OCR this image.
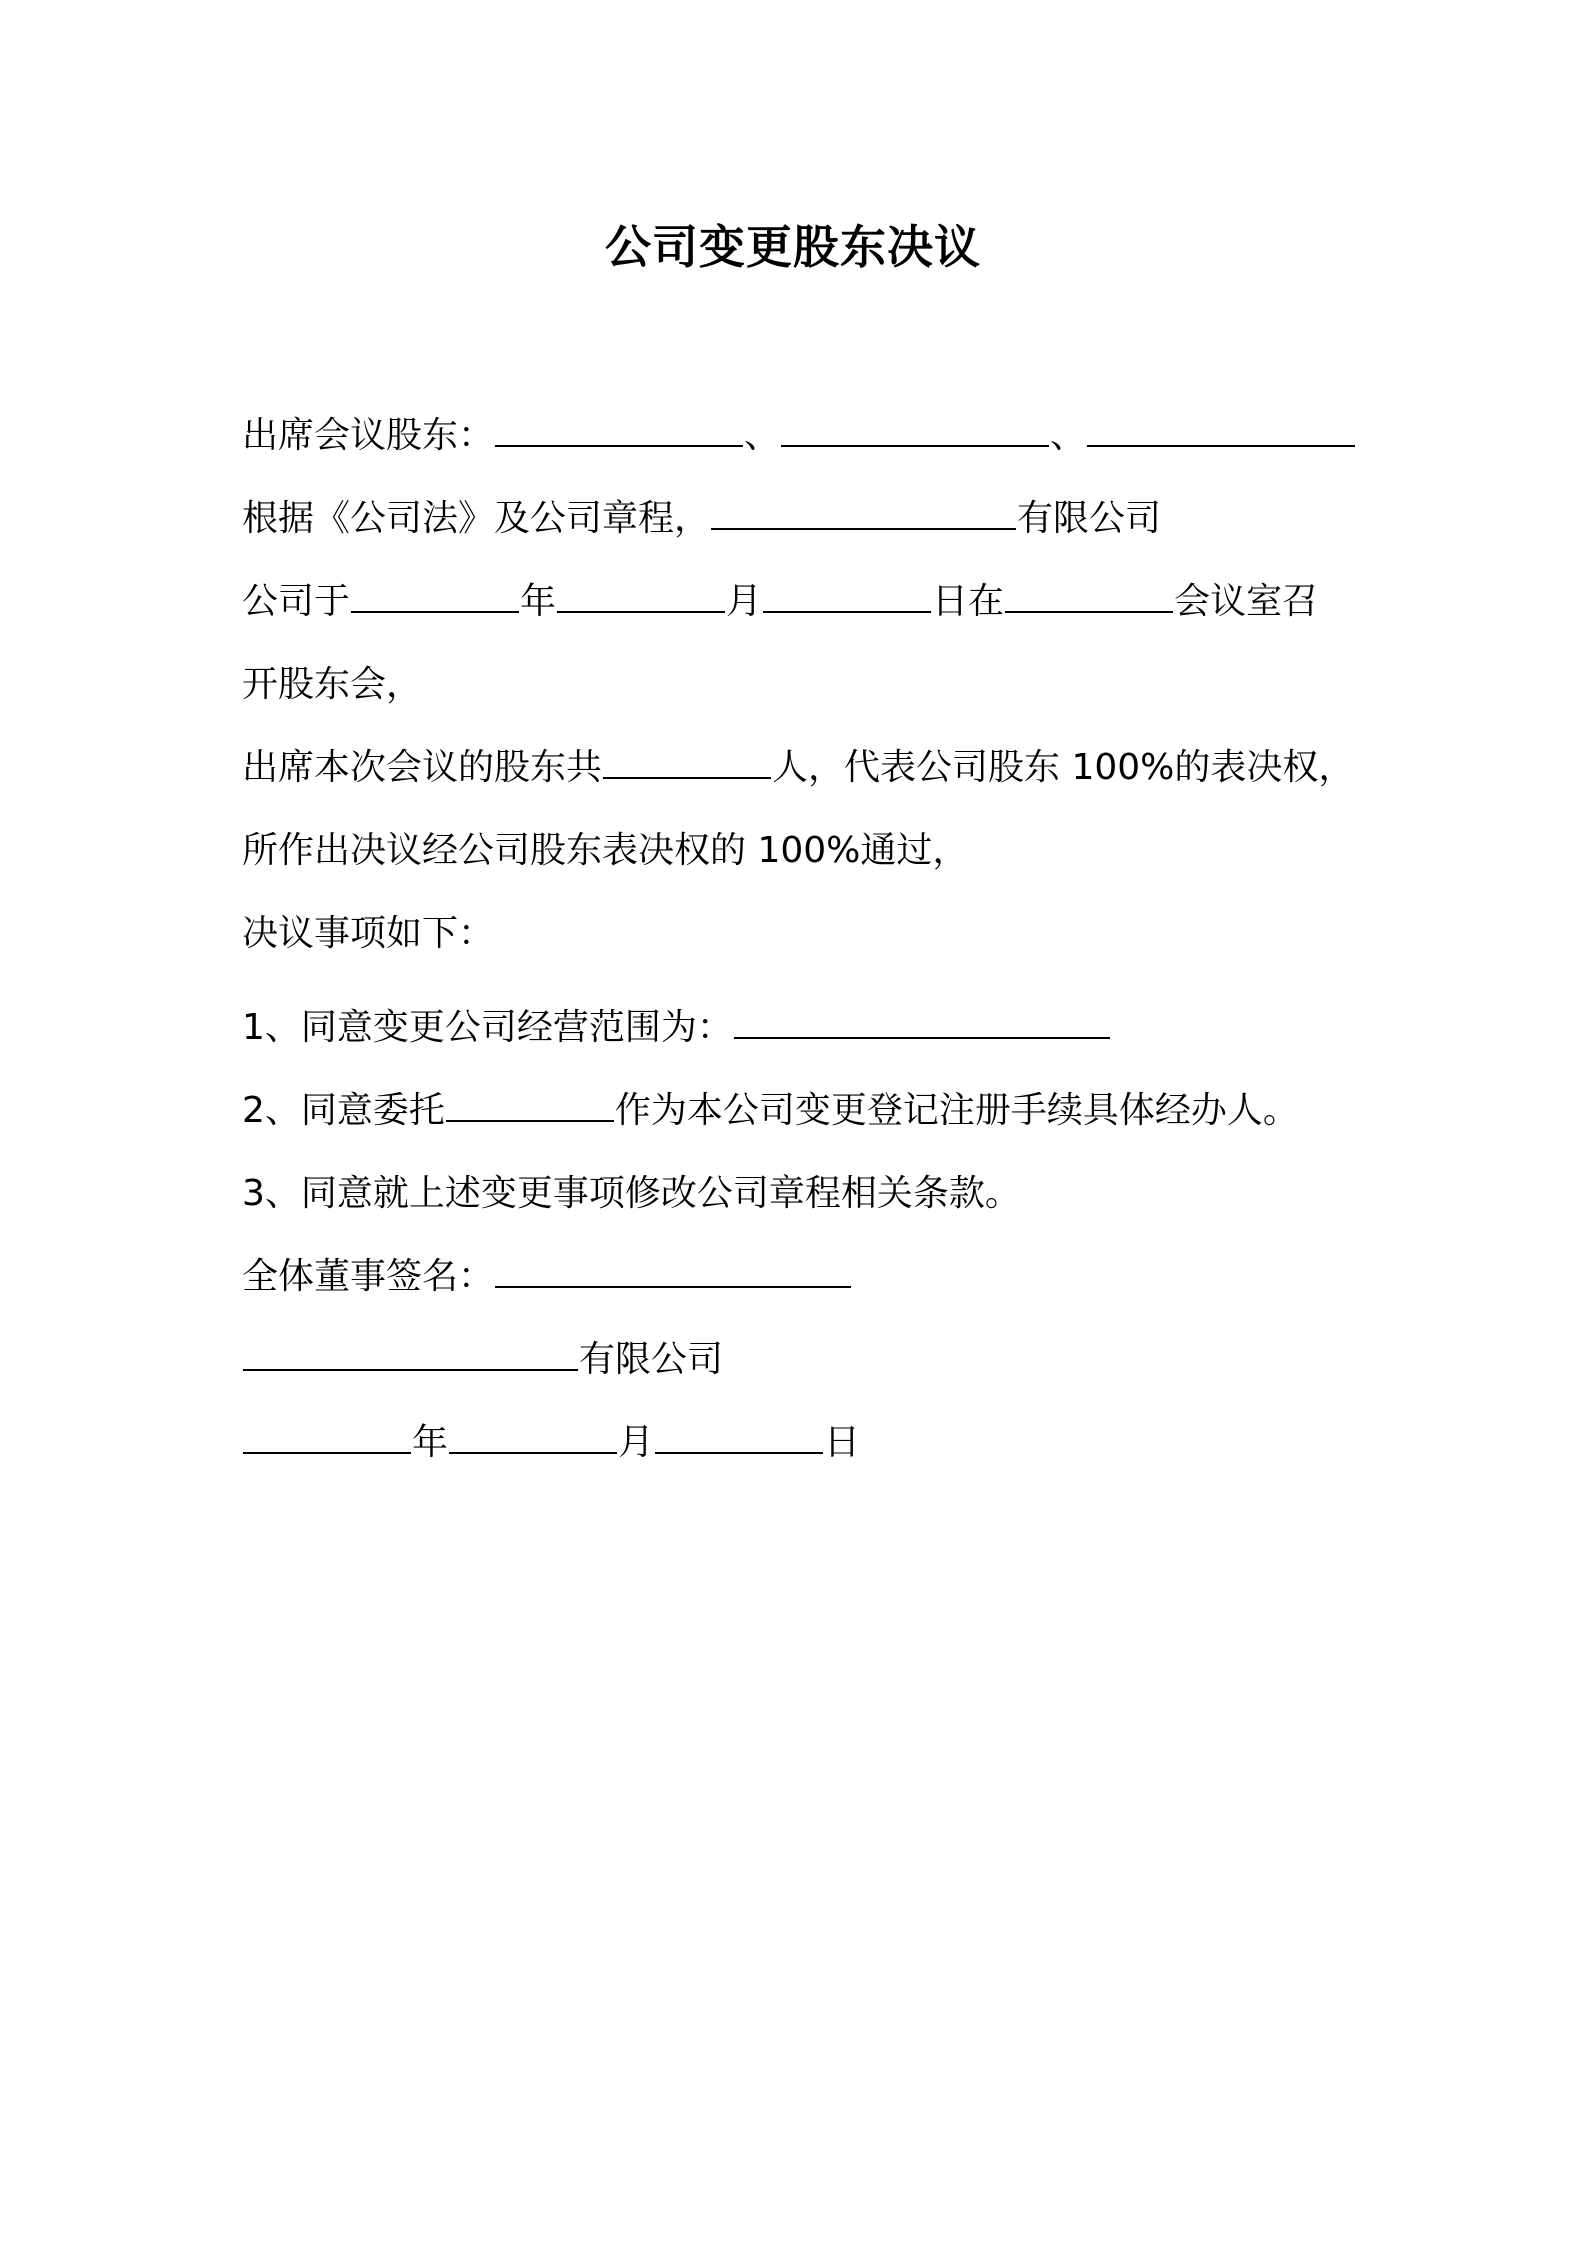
公司变更股东决议
出席会议股东：	、	、
根据《公司法》及公司章程，	有限公司
公司于	年	月	日在	会议室召
开股东会，
出席本次会议的股东共	人，代表公司股东 100%的表决权，
所作出决议经公司股东表决权的 100%通过，
决议事项如下：
1、同意变更公司经营范围为：
2、同意委托	作为本公司变更登记注册手续具体经办人。
3、同意就上述变更事项修改公司章程相关条款。
全体董事签名：
有限公司
年	月	日
